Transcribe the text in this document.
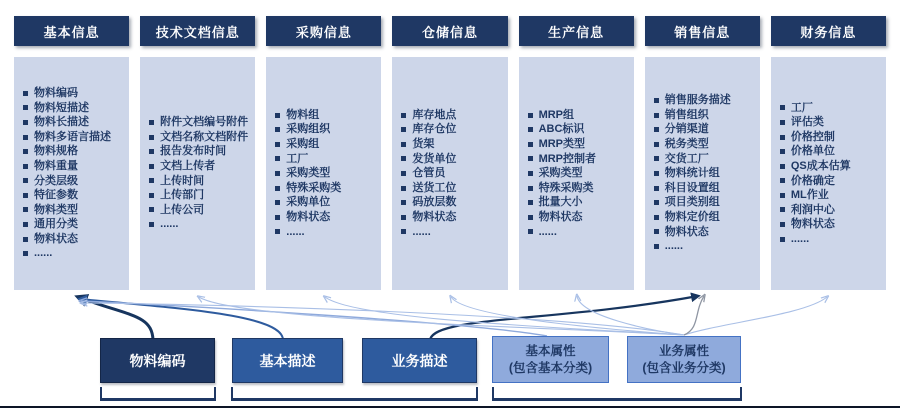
基本信息
物料编码
物料短描述
物料长描述
物料多语言描述
物料规格
物料重量
分类层级
特征参数
物料类型
通用分类
物料状态
......
技术文档信息
附件文档编号附件
文档名称文档附件
报告发布时间
文档上传者
上传时间
上传部门
上传公司
......
采购信息
物料组
采购组织
采购组
工厂
采购类型
特殊采购类
采购单位
物料状态
......
仓储信息
库存地点
库存仓位
货架
发货单位
仓管员
送货工位
码放层数
物料状态
......
生产信息
MRP组
ABC标识
MRP类型
MRP控制者
采购类型
特殊采购类
批量大小
物料状态
......
销售信息
销售服务描述
销售组织
分销渠道
税务类型
交货工厂
物料统计组
科目设置组
项目类别组
物料定价组
物料状态
......
财务信息
工厂
评估类
价格控制
价格单位
QS成本估算
价格确定
ML作业
利润中心
物料状态
......
物料编码	基本描述	业务描述
基本属性
(包含基本分类)
业务属性
(包含业务分类)
